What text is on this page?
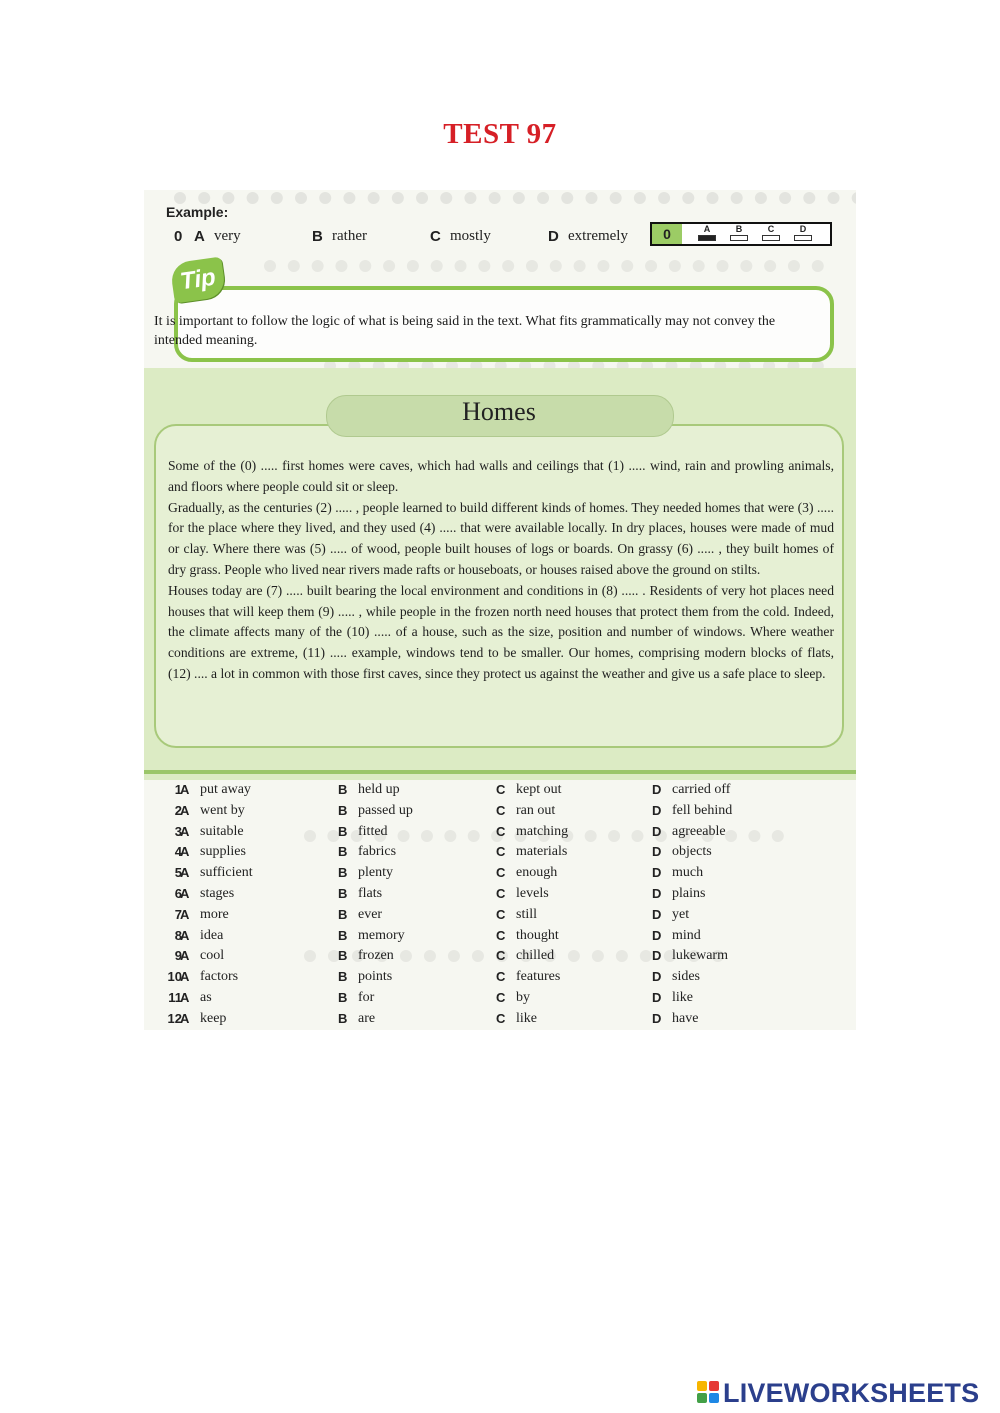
TEST 97
Example:
0 A very	B rather	C mostly	D extremely	0	A	B	C	D
Tip
It is important to follow the logic of what is being said in the text. What fits grammatically may not convey the intended meaning.
Homes

Some of the (0) ..... first homes were caves, which had walls and ceilings that (1) ..... wind, rain and prowling animals, and floors where people could sit or sleep.

Gradually, as the centuries (2) ..... , people learned to build different kinds of homes. They needed homes that were (3) ..... for the place where they lived, and they used (4) ..... that were available locally. In dry places, houses were made of mud or clay. Where there was (5) ..... of wood, people built houses of logs or boards. On grassy (6) ..... , they built homes of dry grass. People who lived near rivers made rafts or houseboats, or houses raised above the ground on stilts.

Houses today are (7) ..... built bearing the local environment and conditions in (8) ..... . Residents of very hot places need houses that will keep them (9) ..... , while people in the frozen north need houses that protect them from the cold. Indeed, the climate affects many of the (10) ..... of a house, such as the size, position and number of windows. Where weather conditions are extreme, (11) ..... example, windows tend to be smaller. Our homes, comprising modern blocks of flats, (12) .... a lot in common with those first caves, since they protect us against the weather and give us a safe place to sleep.

1
A put away	B held up	C kept out	D carried off
2
A went by	B passed up	C ran out	D fell behind
3
A suitable	B fitted	C matching	D agreeable
4
A supplies	B fabrics	C materials	D objects
5
A sufficient	B plenty	C enough	D much
6
A stages	B flats	C levels	D plains
7
A more	B ever	C still	D yet
8
A idea	B memory	C thought	D mind
9
A cool	B frozen	C chilled	D lukewarm
10
A factors	B points	C features	D sides
11
A as	B for	C by	D like
12
A keep	B are	C like	D have
LIVEWORKSHEETS
